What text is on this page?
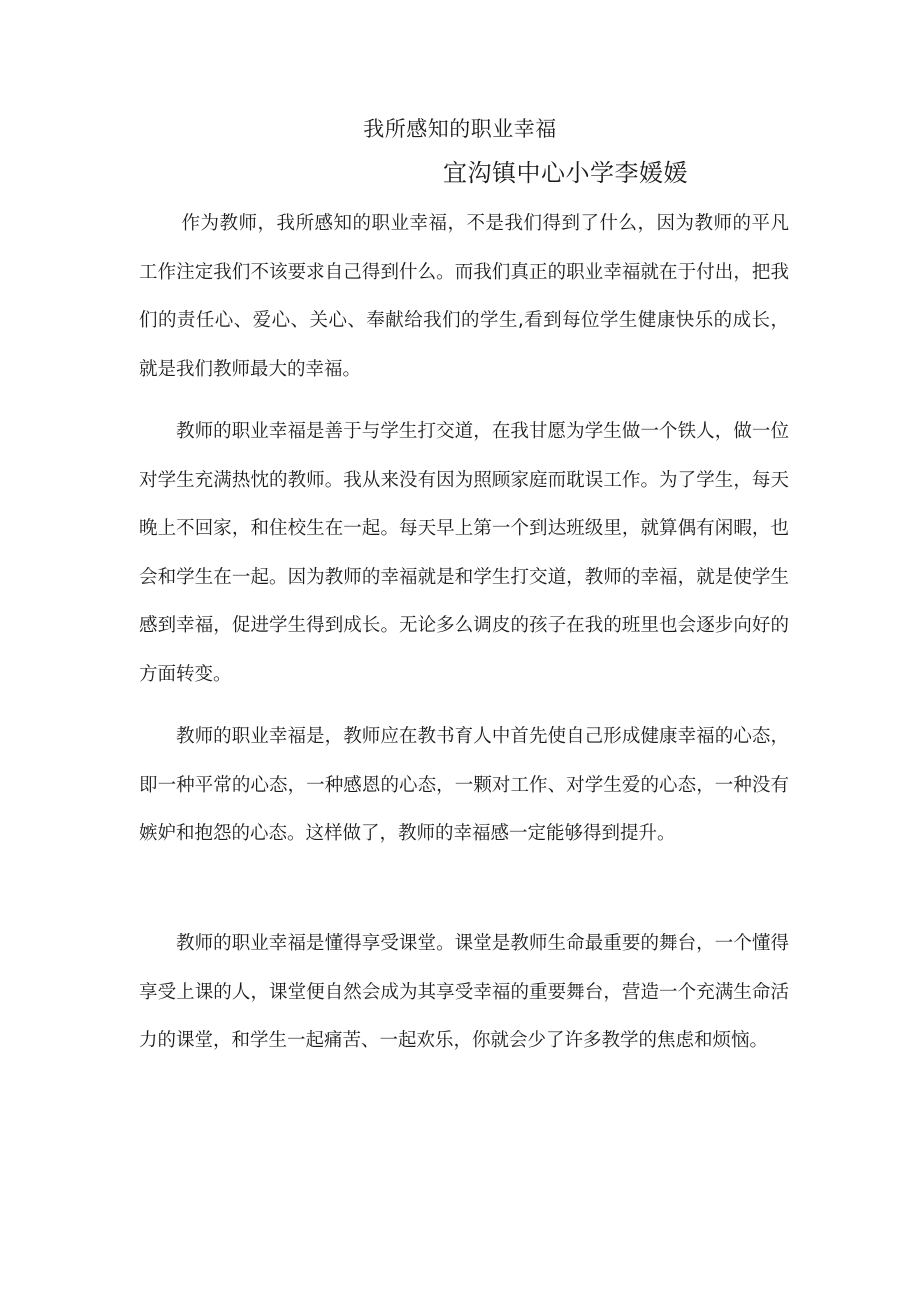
我所感知的职业幸福
宜沟镇中心小学李媛媛

作为教师，我所感知的职业幸福，不是我们得到了什么，因为教师的平凡工作注定我们不该要求自己得到什么。而我们真正的职业幸福就在于付出，把我们的责任心、爱心、关心、奉献给我们的学生,看到每位学生健康快乐的成长，就是我们教师最大的幸福。

教师的职业幸福是善于与学生打交道，在我甘愿为学生做一个铁人，做一位对学生充满热忱的教师。我从来没有因为照顾家庭而耽误工作。为了学生，每天晚上不回家，和住校生在一起。每天早上第一个到达班级里，就算偶有闲暇，也会和学生在一起。因为教师的幸福就是和学生打交道，教师的幸福，就是使学生感到幸福，促进学生得到成长。无论多么调皮的孩子在我的班里也会逐步向好的方面转变。

教师的职业幸福是，教师应在教书育人中首先使自己形成健康幸福的心态，即一种平常的心态，一种感恩的心态，一颗对工作、对学生爱的心态，一种没有嫉妒和抱怨的心态。这样做了，教师的幸福感一定能够得到提升。

教师的职业幸福是懂得享受课堂。课堂是教师生命最重要的舞台，一个懂得享受上课的人，课堂便自然会成为其享受幸福的重要舞台，营造一个充满生命活力的课堂，和学生一起痛苦、一起欢乐，你就会少了许多教学的焦虑和烦恼。
